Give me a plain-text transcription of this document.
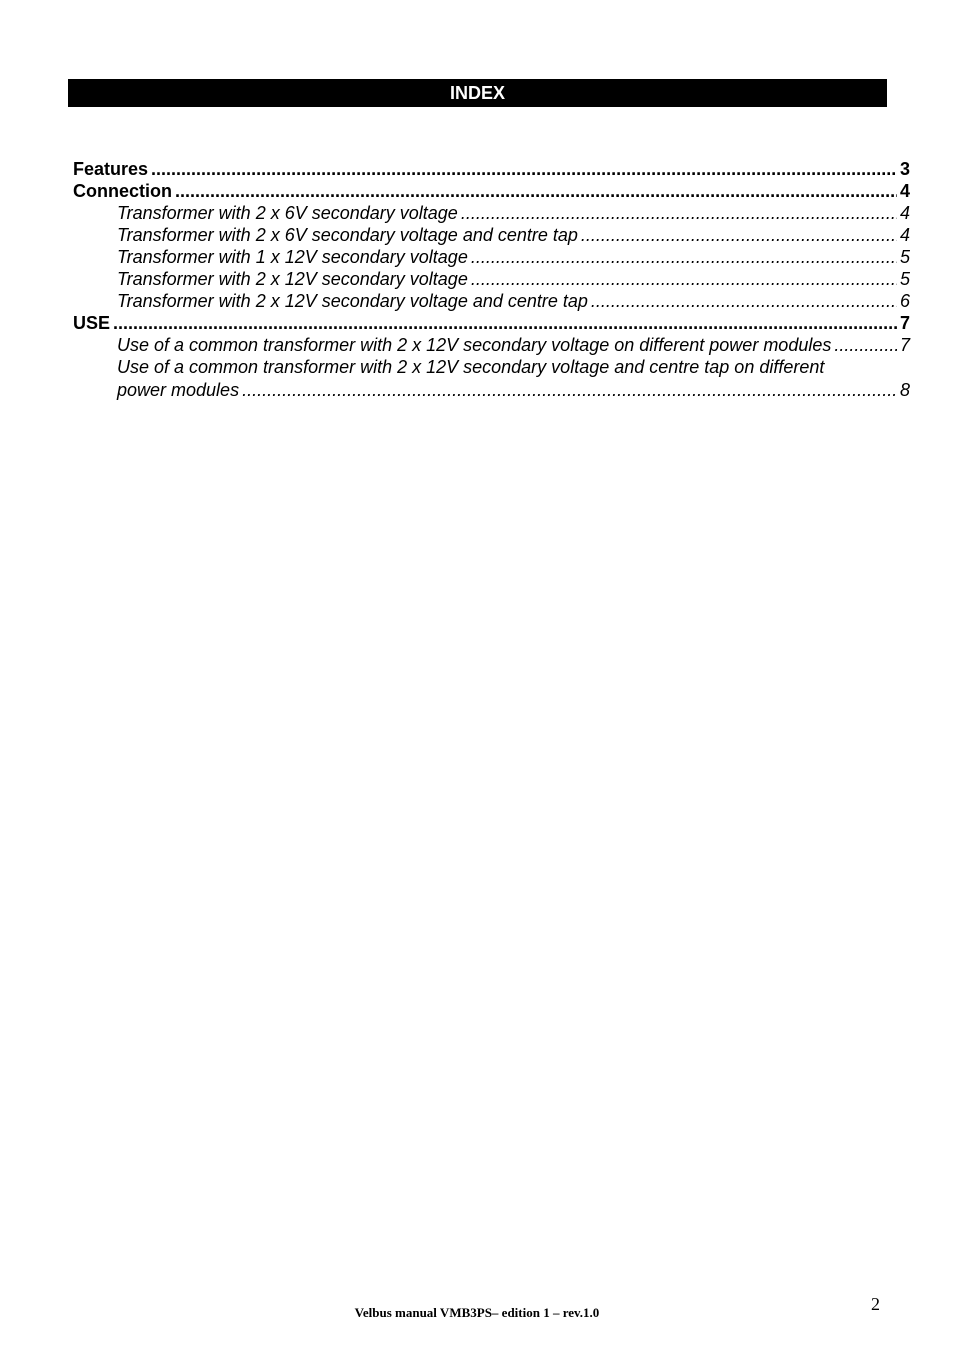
INDEX
Features .....	3
Connection .....	4
Transformer with 2 x 6V secondary voltage .....	4
Transformer with 2 x 6V secondary voltage and centre tap .....	4
Transformer with 1 x 12V secondary voltage .....	5
Transformer with 2 x 12V secondary voltage .....	5
Transformer with 2 x 12V secondary voltage and centre tap .....	6
USE .....	7
Use of a common transformer with 2 x 12V secondary voltage on different power modules .....	7
Use of a common transformer with 2 x 12V secondary voltage and centre tap on different
power modules .....	8
Velbus manual VMB3PS– edition 1 – rev.1.0	2
